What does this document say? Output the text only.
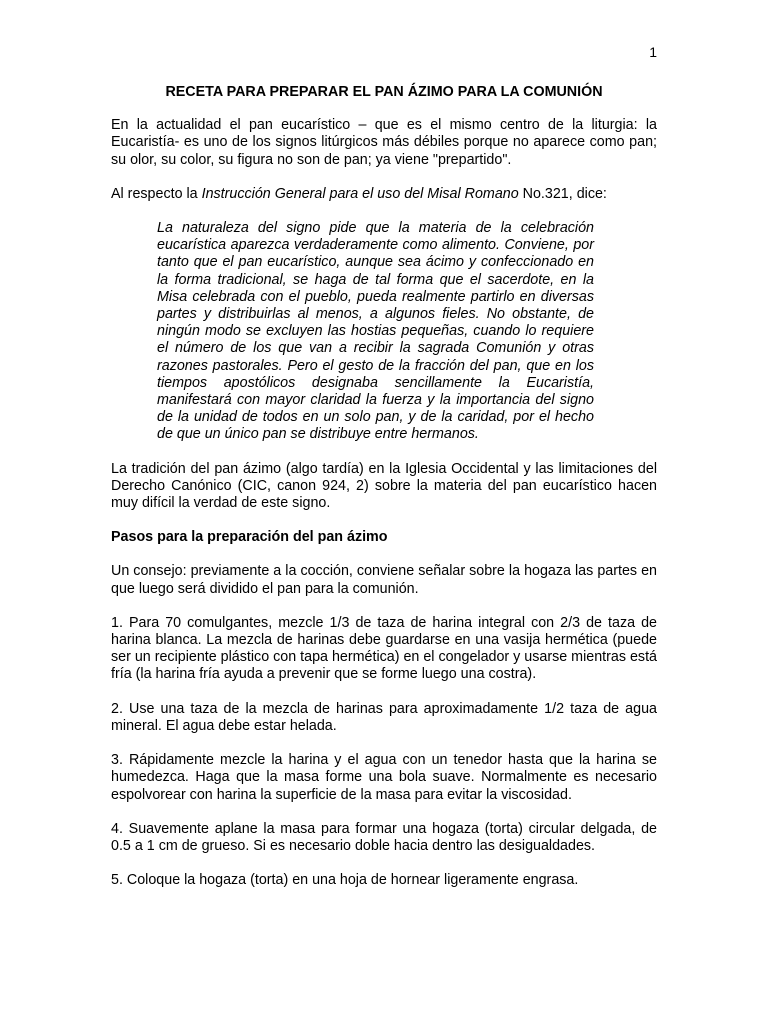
1
RECETA PARA PREPARAR EL PAN ÁZIMO PARA LA COMUNIÓN

En la actualidad el pan eucarístico – que es el mismo centro de la liturgia: la Eucaristía- es uno de los signos litúrgicos más débiles porque no aparece como pan; su olor, su color, su figura no son de pan; ya viene "prepartido".

Al respecto la Instrucción General para el uso del Misal Romano No.321, dice:

La naturaleza del signo pide que la materia de la celebración eucarística aparezca verdaderamente como alimento. Conviene, por tanto que el pan eucarístico, aunque sea ácimo y confeccionado en la forma tradicional, se haga de tal forma que el sacerdote, en la Misa celebrada con el pueblo, pueda realmente partirlo en diversas partes y distribuirlas al menos, a algunos fieles. No obstante, de ningún modo se excluyen las hostias pequeñas, cuando lo requiere el número de los que van a recibir la sagrada Comunión y otras razones pastorales. Pero el gesto de la fracción del pan, que en los tiempos apostólicos designaba sencillamente la Eucaristía, manifestará con mayor claridad la fuerza y la importancia del signo de la unidad de todos en un solo pan, y de la caridad, por el hecho de que un único pan se distribuye entre hermanos.

La tradición del pan ázimo (algo tardía) en la Iglesia Occidental y las limitaciones del Derecho Canónico (CIC, canon 924, 2) sobre la materia del pan eucarístico hacen muy difícil la verdad de este signo.

Pasos para la preparación del pan ázimo

Un consejo: previamente a la cocción, conviene señalar sobre la hogaza las partes en que luego será dividido el pan para la comunión.

1. Para 70 comulgantes, mezcle 1/3 de taza de harina integral con 2/3 de taza de harina blanca. La mezcla de harinas debe guardarse en una vasija hermética (puede ser un recipiente plástico con tapa hermética) en el congelador y usarse mientras está fría (la harina fría ayuda a prevenir que se forme luego una costra).

2. Use una taza de la mezcla de harinas para aproximadamente 1/2 taza de agua mineral. El agua debe estar helada.

3. Rápidamente mezcle la harina y el agua con un tenedor hasta que la harina se humedezca. Haga que la masa forme una bola suave. Normalmente es necesario espolvorear con harina la superficie de la masa para evitar la viscosidad.

4. Suavemente aplane la masa para formar una hogaza (torta) circular delgada, de 0.5 a 1 cm de grueso. Si es necesario doble hacia dentro las desigualdades.

5. Coloque la hogaza (torta) en una hoja de hornear ligeramente engrasa.
